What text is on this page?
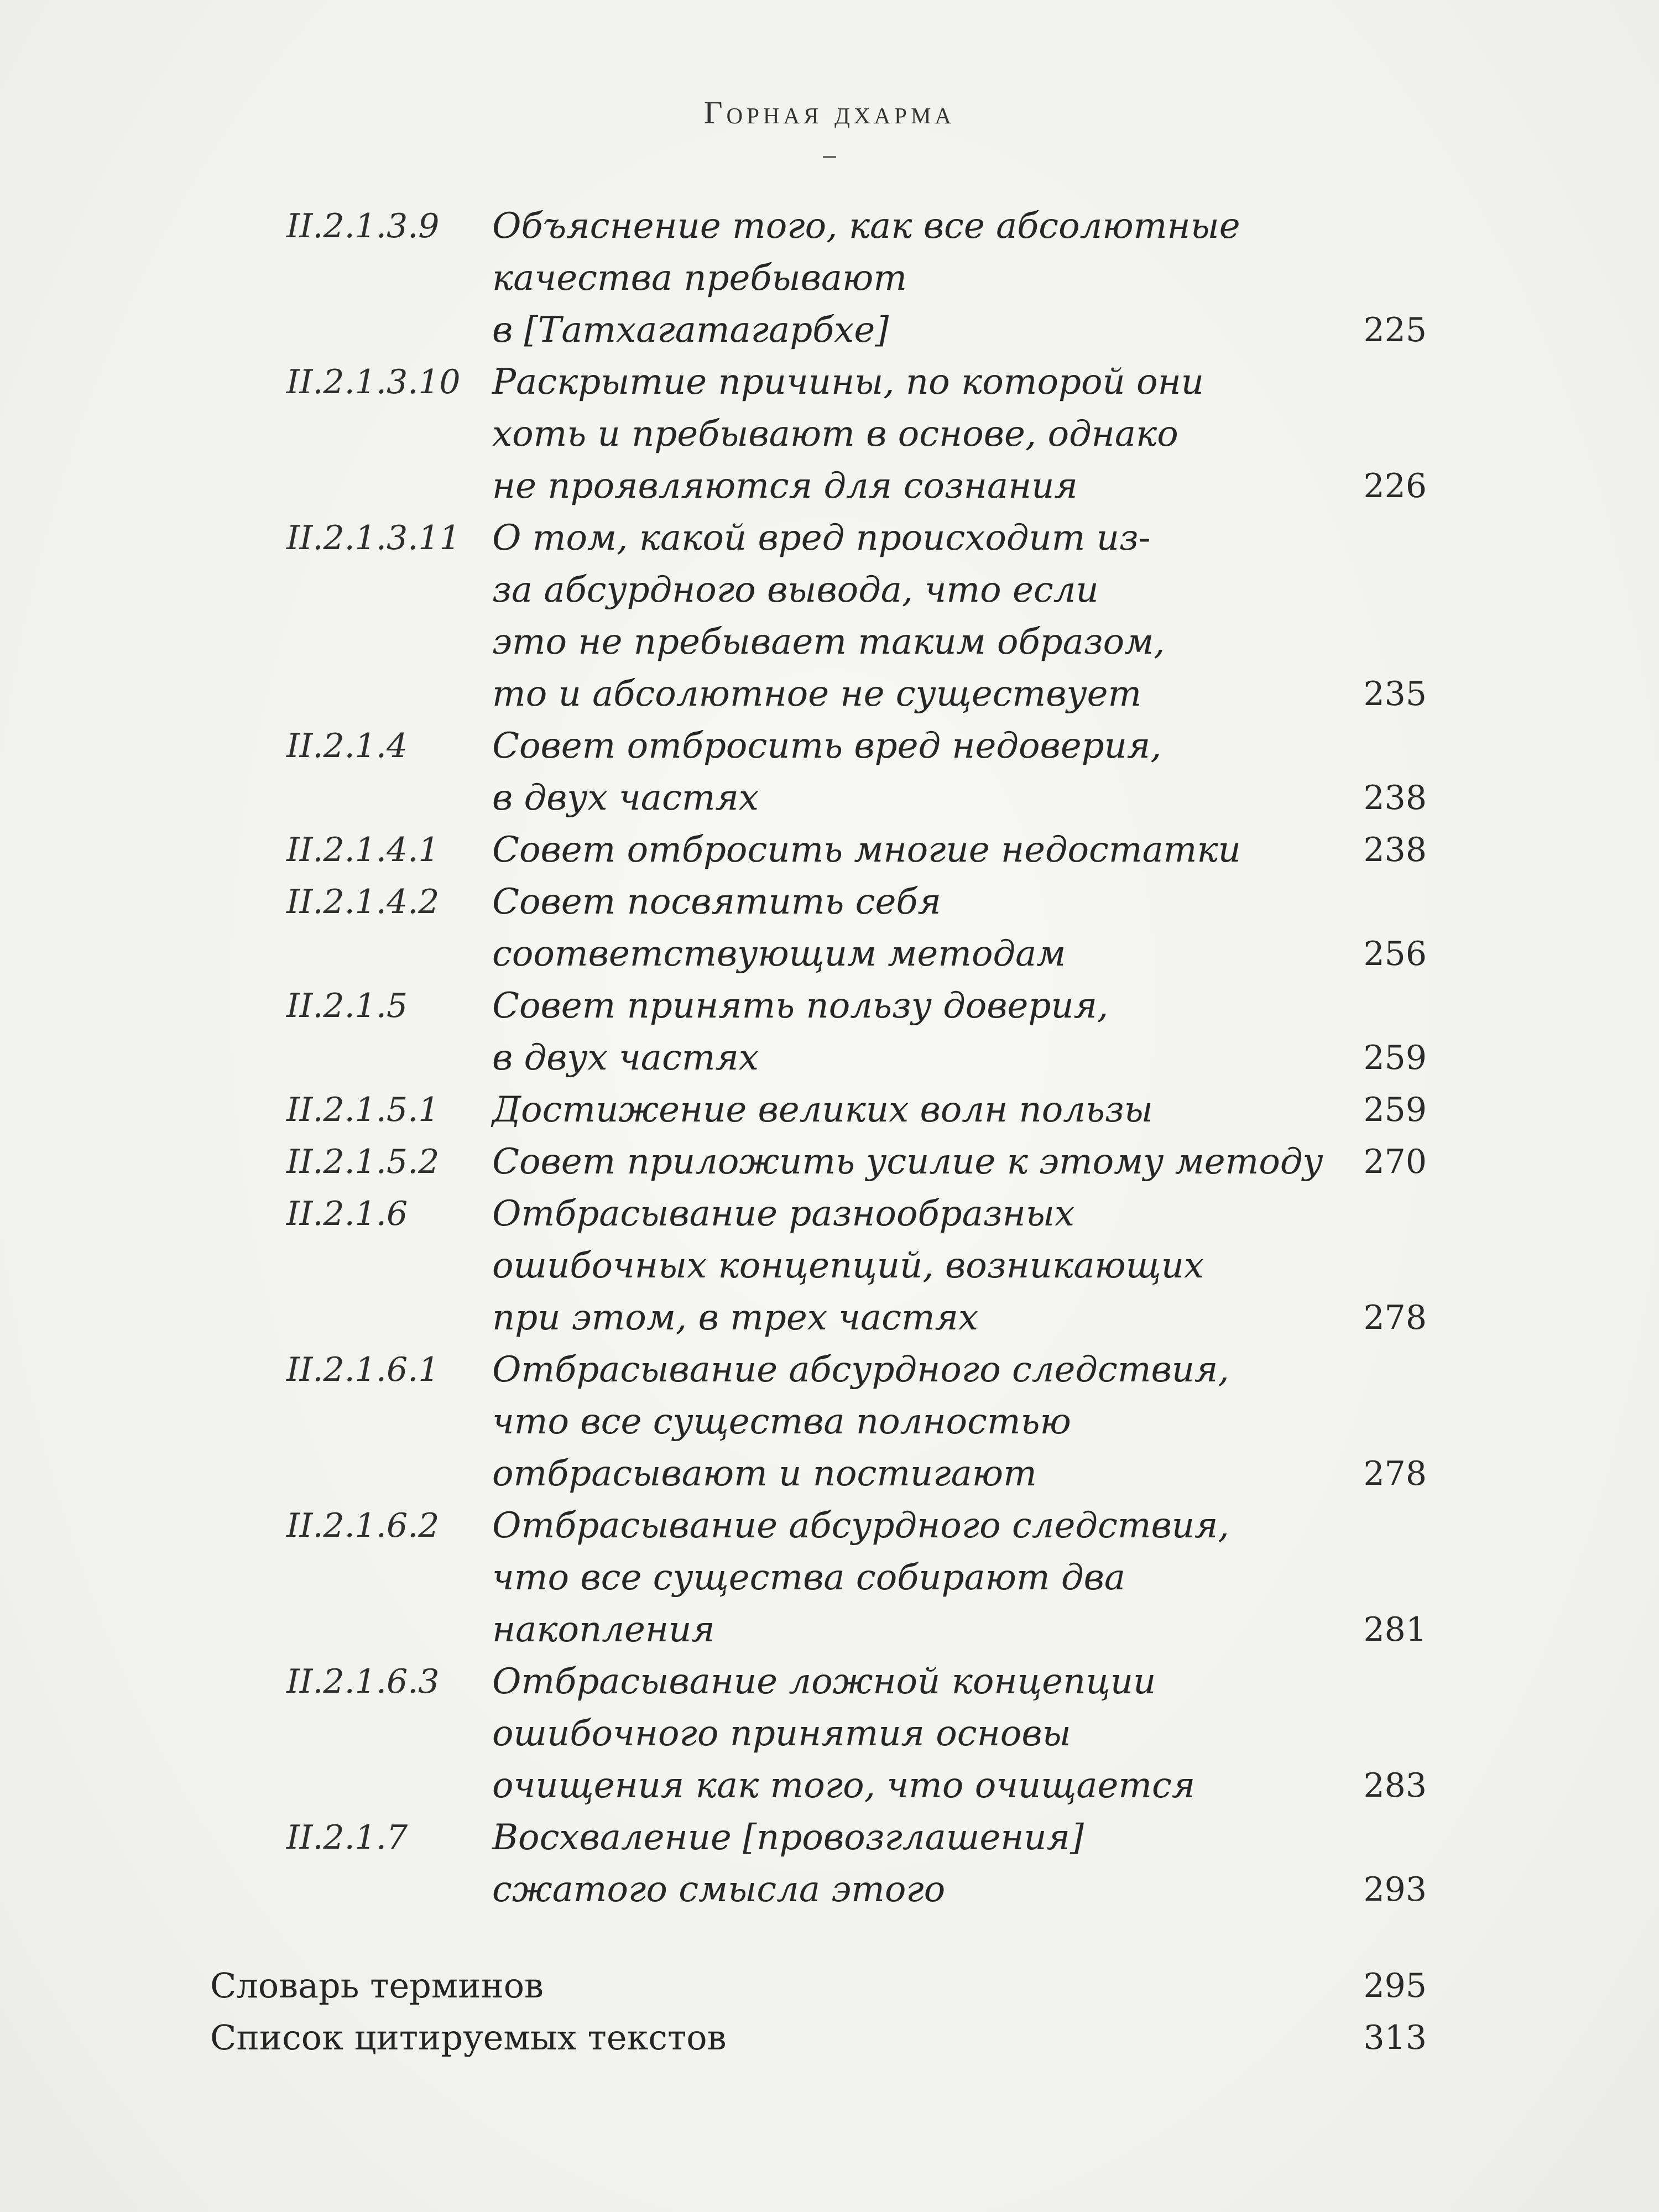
Горная дхарма
II.2.1.3.9 Объяснение того, как все абсолютные
качества пребывают
в [Татхагатагарбхе]	225
II.2.1.3.10 Раскрытие причины, по которой они
хоть и пребывают в основе, однако
не проявляются для сознания	226
II.2.1.3.11 О том, какой вред происходит из-
за абсурдного вывода, что если
это не пребывает таким образом,
то и абсолютное не существует	235
II.2.1.4 Совет отбросить вред недоверия,
в двух частях	238
II.2.1.4.1 Совет отбросить многие недостатки	238
II.2.1.4.2 Совет посвятить себя
соответствующим методам	256
II.2.1.5 Совет принять пользу доверия,
в двух частях	259
II.2.1.5.1 Достижение великих волн пользы	259
II.2.1.5.2 Совет приложить усилие к этому методу	270
II.2.1.6 Отбрасывание разнообразных
ошибочных концепций, возникающих
при этом, в трех частях	278
II.2.1.6.1 Отбрасывание абсурдного следствия,
что все существа полностью
отбрасывают и постигают	278
II.2.1.6.2 Отбрасывание абсурдного следствия,
что все существа собирают два
накопления	281
II.2.1.6.3 Отбрасывание ложной концепции
ошибочного принятия основы
очищения как того, что очищается	283
II.2.1.7 Восхваление [провозглашения]
сжатого смысла этого	293
Словарь терминов	295
Список цитируемых текстов	313
